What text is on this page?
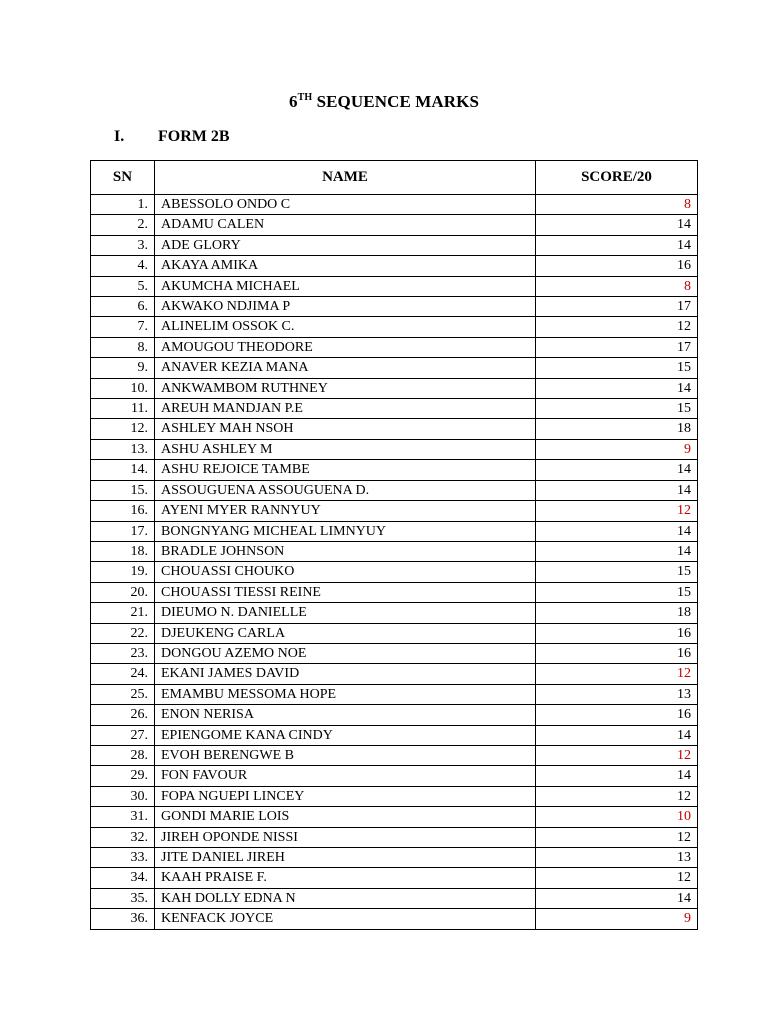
6TH SEQUENCE MARKS
I. FORM 2B
SN	NAME	SCORE/20
1.	ABESSOLO ONDO C	8
2.	ADAMU CALEN	14
3.	ADE GLORY	14
4.	AKAYA AMIKA	16
5.	AKUMCHA MICHAEL	8
6.	AKWAKO NDJIMA P	17
7.	ALINELIM OSSOK C.	12
8.	AMOUGOU THEODORE	17
9.	ANAVER KEZIA MANA	15
10.	ANKWAMBOM RUTHNEY	14
11.	AREUH MANDJAN P.E	15
12.	ASHLEY MAH NSOH	18
13.	ASHU ASHLEY M	9
14.	ASHU REJOICE TAMBE	14
15.	ASSOUGUENA ASSOUGUENA D.	14
16.	AYENI MYER RANNYUY	12
17.	BONGNYANG MICHEAL LIMNYUY	14
18.	BRADLE JOHNSON	14
19.	CHOUASSI CHOUKO	15
20.	CHOUASSI TIESSI REINE	15
21.	DIEUMO N. DANIELLE	18
22.	DJEUKENG CARLA	16
23.	DONGOU AZEMO NOE	16
24.	EKANI JAMES DAVID	12
25.	EMAMBU MESSOMA HOPE	13
26.	ENON NERISA	16
27.	EPIENGOME KANA CINDY	14
28.	EVOH BERENGWE B	12
29.	FON FAVOUR	14
30.	FOPA NGUEPI LINCEY	12
31.	GONDI MARIE LOIS	10
32.	JIREH OPONDE NISSI	12
33.	JITE DANIEL JIREH	13
34.	KAAH PRAISE F.	12
35.	KAH DOLLY EDNA N	14
36.	KENFACK JOYCE	9
